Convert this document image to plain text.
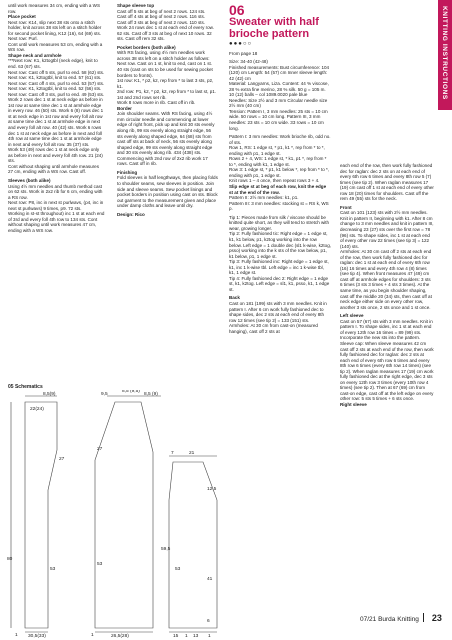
KNITTING INSTRUCTIONS

until work measures 34 cm, ending with a WS row.

Place pocket

Next row: K14, slip next 38 sts onto a stitch holder, knit across 38 sts left on a stitch holder for second pocket lining, K12 (16), 64 (69) sts.

Next row: Purl.

Cont until work measures 53 cm, ending with a WS row.

Shape neck and armhole

***Next row: K1, k2togtbl (neck edge), knit to end. 63 (67) sts.

Next row: Cast off 5 sts, purl to end. 58 (62) sts.

Next row: K1, k2togtbl, knit to end. 57 (61) sts.

Next row: Cast off 4 sts, purl to end. 53 (57) sts.

Next row: K1, k2togtbl, knit to end. 52 (56) sts.

Next row: Cast off 3 sts, purl to end. 49 (53) sts.

Work 2 rows dec 1 st at neck edge as before in 1st row at same time dec 1 st at armhole edge in every row. 46 (50) sts. Work 6 (8) rows dec 1 st at neck edge in 1st row and every foll alt row at same time dec 1 st at armhole edge in next and every foll alt row. 40 (42) sts. Work 6 rows dec 1 st at neck edge as before in next and foll 4th row at same time dec 1 st at armhole edge in next and every foll alt row. 35 (37) sts.

Work 53 (49) rows dec 1 st at neck edge only as before in next and every foll 4th row. 21 (24) sts.

Cont without shaping until armhole measures 27 cm, ending with a WS row. Cast off.

Sleeves (both alike)

Using 4½ mm needles and thumb method cast on 62 sts. Work in 2x2 rib for 6 cm, ending with a RS row.

Next row: P8, inc in next st purlwavs, (p4, inc in next st purlwavs) 9 times, p9. 72 sts.

Working in st-st throughout) inc 1 st at each end of 3rd and every foll 4th row to 134 sts. Cont without shaping until work measures 47 cm, ending with a WS row.

Shape sleeve top

Cast off 5 sts at beg of next 2 rows. 124 sts.

Cast off 4 sts at beg of next 2 rows. 116 sts.

Cast off 3 sts at beg of next 2 rows. 110 sts.

Work 24 rows dec 1 st at each end of every row. 62 sts. Cast off 3 sts at beg of next 10 rows. 32 sts. Cast off rem 32 sts.

Pocket borders (both alike)

With RS facing, using 4½ mm needles work across 38 sts left on a stitch holder as follows:

Next row. Cast on 1 st, knit to end, cast on 1 st. 40 sts (cast on sts to be used for sewing pocket borders to fronts).

1st row: K1, * p2, k2, rep from * to last 3 sts, p2, k1.

2nd row: P1, k2, * p2, k2, rep from * to last st, p1. 1st and 2nd rows set rib.

Work 8 rows more in rib. Cast off in rib.

Border

Join shoulder seams. With RS facing, using 4½ mm circular needle and commencing at lower edge of right front, pick up and knit 30 sts evenly along rib, 99 sts evenly along straight edge, 56 sts evenly along shaped edge, 64 (68) sts from cast off sts at back of neck, 56 sts evenly along shaped edge, 99 sts evenly along straight edge and 30 sts evenly along rib. 434 (438) sts.

Commencing with 2nd row of 2x2 rib work 17 rows. Cast off in rib.

Finishing

Fold sleeves in half lengthways, then placing folds to shoulder seams, sew sleeves in position. Join side and sleeve seams. Sew pocket linings and pocket borders in position using cast on sts. Block out garment to the measurement given and place under damp cloths and leave until dry.

Design: Rico

06
Sweater with half
brioche pattern
●●●○○
From page 18

Size: 34-40 (42-48)

Finished measurements: Bust circumference: 104 (120) cm Length: 54 (57) cm Inner sleeve length: 42 (42) cm

Material: Langyarns, Liza. Content: 44 % viscose, 28 % extra fine merino, 28 % silk. 50 g = 105 m. 10 (12) balls – col 1089.0020 pale blue

Needles: Size 2½ and 3 mm Circular needle size 2½ mm (40 cm)

Tension: Pattern I, 3 mm needles: 25 sts = 10 cm wide. 50 rows = 10 cm long. Pattern III, 3 mm needles: 23 sts = 10 cm wide. 33 rows = 10 cm long.

Pattern I: 3 mm needles: Work brioche rib, odd no. of sts.

Row 1, RS: 1 edge st, * p1, k1 *, rep from * to *, ending with p1, 1 edge st.

Rows 2 + 4, WS: 1 edge st, * k1, p1 *, rep from * to *, ending with k1, 1 edge st.

Row 3: 1 edge st, * p1, k1 below *, rep from * to *, ending with p1, 1 edge st.

Knit rows 1 – 4 once, then repeat rows 3 + 4.

Slip edge st at beg of each row, knit the edge st at the end of the row.

Pattern II: 2½ mm needles: k1, p1.

Pattern III: 3 mm needles: stocking st = RS k, WS p.

Tip 1: Pieces made from silk / viscose should be knitted quite short, as they will tend to stretch with wear, growing longer.

Tip 2: Fully fashioned tic: Right edge = 1 edge st, k1, k1 below, p1, k2tog working into the row below. Left edge = 1 double dec (sl1 k-wise, k2tog, psso) working into the k sts of the row below, p1, k1 below, p1, 1 edge st.

Tip 3: Fully fashioned inc: Right edge = 1 edge st, k1, inc 1 k-wise tbl. Left edge = inc 1 k-wise tbl, k1, 1 edge st.

Tip 4: Fully fashioned dec 2: Right edge = 1 edge st, k1, k2tog. Left edge = sl1, k1, psso, k1, 1 edge st.

Back

Cast on 181 (199) sts with 3 mm needles. Knit in pattern I. After 6 cm work fully fashioned dec to shape sides, dec 2 sts at each end of every 8th row 12 times (see tip 2) = 133 (151) sts.

Armholes: At 30 cm from cast-on (measured hanging), cast off 2 sts at

each end of the row, then work fully fashioned dec for raglan: dec 2 sts on at each end of every 6th row 6 times and every 8th row 5 (7) times (see tip 2). When raglan measures 17 (19) cm cast off 1 st at each end of every other row 18 (20) times for shoulders. Cast off the rem 49 (55) sts for the neck.

Front

Cast on 101 (123) sts with 2½ mm needles. Knit in pattern II, beginning with k1. After 8 cm change to 3 mm needles and knit in pattern III, decreasing 23 (27) sts over the first row = 78 (96) sts. To shape sides, inc 1 st at each end of every other row 22 times (see tip 3) = 122 (140) sts.

Armholes: At 30 cm cast off 2 sts at each end of the row, then work fully fashioned dec for raglan: dec 1 st at each end of every 6th row (16) 16 times and every 4th row 4 (8) times (see tip 4). When front measures 47 (49) cm cast off at armhole edges for shoulders: 3 sts 6 times (3 sts 3 times + 4 sts 3 times). At the same time, as you begin shoulder shaping, cast off the middle 20 (34) sts, then cast off at neck edge either side on every other row, another 3 sts once, 2 sts once and 1 st once.

Left sleeve

Cast on 57 (67) sts with 3 mm needles. Knit in pattern I. To shape sides, inc 1 st at each end of every 12th row 16 times = 89 (99) sts. Incorporate the new sts into the pattern.

Sleeve cap: When sleeve measures 42 cm cast off 2 sts at each end of the row, then work fully fashioned dec for raglan: dec 2 sts at each end of every 6th row 6 times and every 8th row 6 times (every 6th row 14 times) (see tip 2). When raglan measures 17 (19) cm work fully fashioned dec at the right edge, dec 3 sts on every 12th row 3 times (every 10th row 4 times) (see tip 2). Then at 67 (69) cm from cast-on edge, cast off at the left edge on every other row: 5 sts 5 times + 6 sts once.

Right sleeve

07/21 Burda Knitting 23
05 Schematics
22(24)
8,5(9)
80
53
27
30,5(33)
1
9,5
8,5 (9,5)
8,5 (9)
53
27
26,5(28)
1
7	21
59,5
53
12,5
41
6
15 1 13 1
